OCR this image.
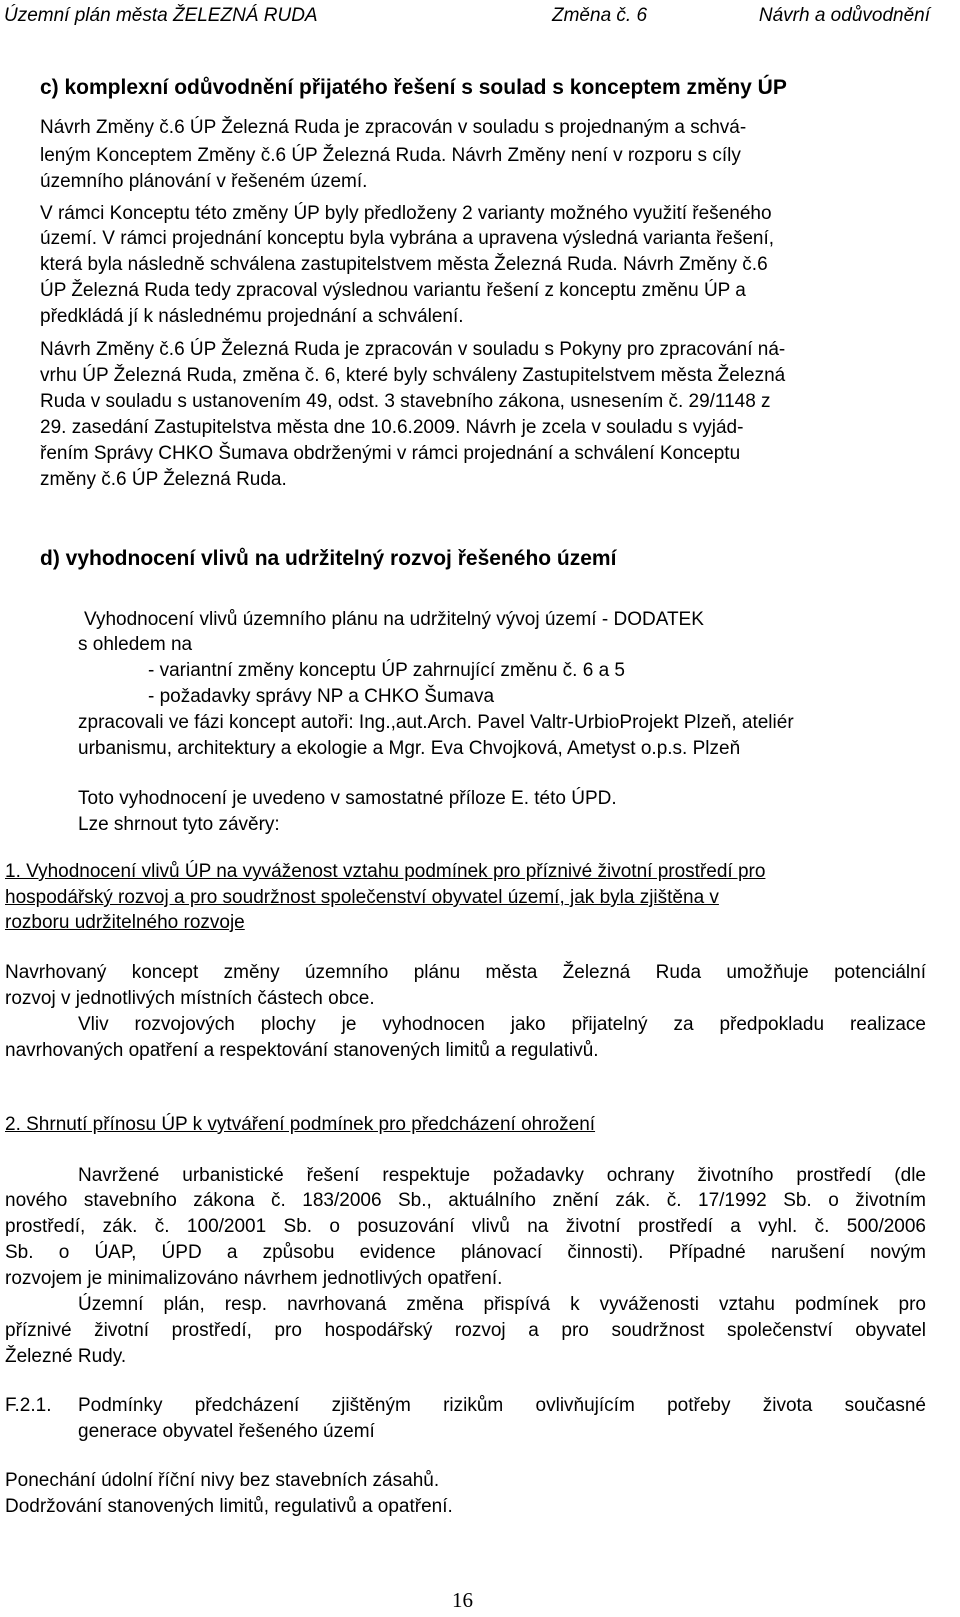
Územní plán města ŽELEZNÁ RUDA	Změna č. 6	Návrh a odůvodnění
c) komplexní odůvodnění přijatého řešení s soulad s konceptem změny ÚP
Návrh Změny č.6 ÚP Železná Ruda je zpracován v souladu s projednaným a schvá-
leným Konceptem Změny č.6 ÚP Železná Ruda. Návrh Změny není v rozporu s cíly
územního plánování v řešeném území.
V rámci Konceptu této změny ÚP byly předloženy 2 varianty možného využití řešeného
území. V rámci projednání konceptu byla vybrána a upravena výsledná varianta řešení,
která byla následně schválena zastupitelstvem města Železná Ruda. Návrh Změny č.6
ÚP Železná Ruda tedy zpracoval výslednou variantu řešení z konceptu změnu ÚP a
předkládá jí k následnému projednání a schválení.
Návrh Změny č.6 ÚP Železná Ruda je zpracován v souladu s Pokyny pro zpracování ná-
vrhu ÚP Železná Ruda, změna č. 6, které byly schváleny Zastupitelstvem města Železná
Ruda v souladu s ustanovením 49, odst. 3 stavebního zákona, usnesením č. 29/1148 z
29. zasedání Zastupitelstva města dne 10.6.2009. Návrh je zcela v souladu s vyjád-
řením Správy CHKO Šumava obdrženými v rámci projednání a schválení Konceptu
změny č.6 ÚP Železná Ruda.
d) vyhodnocení vlivů na udržitelný rozvoj řešeného území
Vyhodnocení vlivů územního plánu na udržitelný vývoj území - DODATEK
s ohledem na
- variantní změny konceptu ÚP zahrnující změnu č. 6 a 5
- požadavky správy NP a CHKO Šumava
zpracovali ve fázi koncept autoři: Ing.,aut.Arch. Pavel Valtr-UrbioProjekt Plzeň, ateliér
urbanismu, architektury a ekologie a Mgr. Eva Chvojková, Ametyst o.p.s. Plzeň
Toto vyhodnocení je uvedeno v samostatné příloze E. této ÚPD.
Lze shrnout tyto závěry:
1. Vyhodnocení vlivů ÚP na vyváženost vztahu podmínek pro příznivé životní prostředí pro
hospodářský rozvoj a pro soudržnost společenství obyvatel území, jak byla zjištěna v
rozboru udržitelného rozvoje
Navrhovaný koncept změny územního plánu města Železná Ruda umožňuje potenciální
rozvoj v jednotlivých místních částech obce.
Vliv rozvojových plochy je vyhodnocen jako přijatelný za předpokladu realizace
navrhovaných opatření a respektování stanovených limitů a regulativů.
2. Shrnutí přínosu ÚP k vytváření podmínek pro předcházení ohrožení
Navržené urbanistické řešení respektuje požadavky ochrany životního prostředí (dle
nového stavebního zákona č. 183/2006 Sb., aktuálního znění zák. č. 17/1992 Sb. o životním
prostředí, zák. č. 100/2001 Sb. o posuzování vlivů na životní prostředí a vyhl. č. 500/2006
Sb. o ÚAP, ÚPD a způsobu evidence plánovací činnosti). Případné narušení novým
rozvojem je minimalizováno návrhem jednotlivých opatření.
Územní plán, resp. navrhovaná změna přispívá k vyváženosti vztahu podmínek pro
příznivé životní prostředí, pro hospodářský rozvoj a pro soudržnost společenství obyvatel
Železné Rudy.
F.2.1. Podmínky předcházení zjištěným rizikům ovlivňujícím potřeby života současné
generace obyvatel řešeného území
Ponechání údolní říční nivy bez stavebních zásahů.
Dodržování stanovených limitů, regulativů a opatření.
16
